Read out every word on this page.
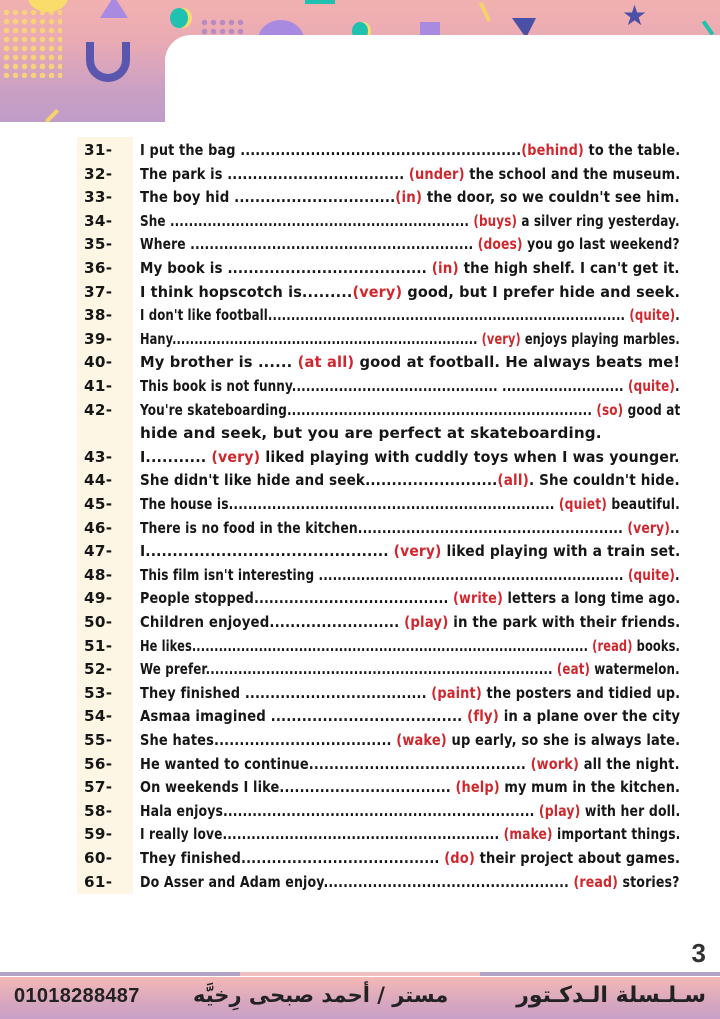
★
31- I put the bag ........................................................(behind) to the table.
32- The park is ................................... (under) the school and the museum.
33- The boy hid ...............................(in) the door, so we couldn't see him.
34- She ................................................................ (buys) a silver ring yesterday.
35- Where ........................................................... (does) you go last weekend?
36- My book is ...................................... (in) the high shelf. I can't get it.
37- I think hopscotch is.........(very) good, but I prefer hide and seek.
38- I don't like football.............................................................................. (quite).
39- Hany..................................................................... (very) enjoys playing marbles.
40- My brother is ...... (at all) good at football. He always beats me!
41- This book is not funny............................................ .......................... (quite).
42- You're skateboarding................................................................. (so) good at
hide and seek, but you are perfect at skateboarding.
43- I........... (very) liked playing with cuddly toys when I was younger.
44- She didn't like hide and seek.........................(all). She couldn't hide.
45- The house is.................................................................... (quiet) beautiful.
46- There is no food in the kitchen....................................................... (very)..
47- I............................................. (very) liked playing with a train set.
48- This film isn't interesting ................................................................. (quite).
49- People stopped....................................... (write) letters a long time ago.
50- Children enjoyed......................... (play) in the park with their friends.
51- He likes......................................................................................... (read) books.
52- We prefer........................................................................... (eat) watermelon.
53- They finished .................................... (paint) the posters and tidied up.
54- Asmaa imagined ..................................... (fly) in a plane over the city
55- She hates................................... (wake) up early, so she is always late.
56- He wanted to continue........................................... (work) all the night.
57- On weekends I like.................................. (help) my mum in the kitchen.
58- Hala enjoys................................................................ (play) with her doll.
59- I really love.......................................................... (make) important things.
60- They finished....................................... (do) their project about games.
61- Do Asser and Adam enjoy.................................................. (read) stories?
3
01018288487	مستر / أحمد صبحى رِخيَّه	سـلـسلة الـدكـتور
